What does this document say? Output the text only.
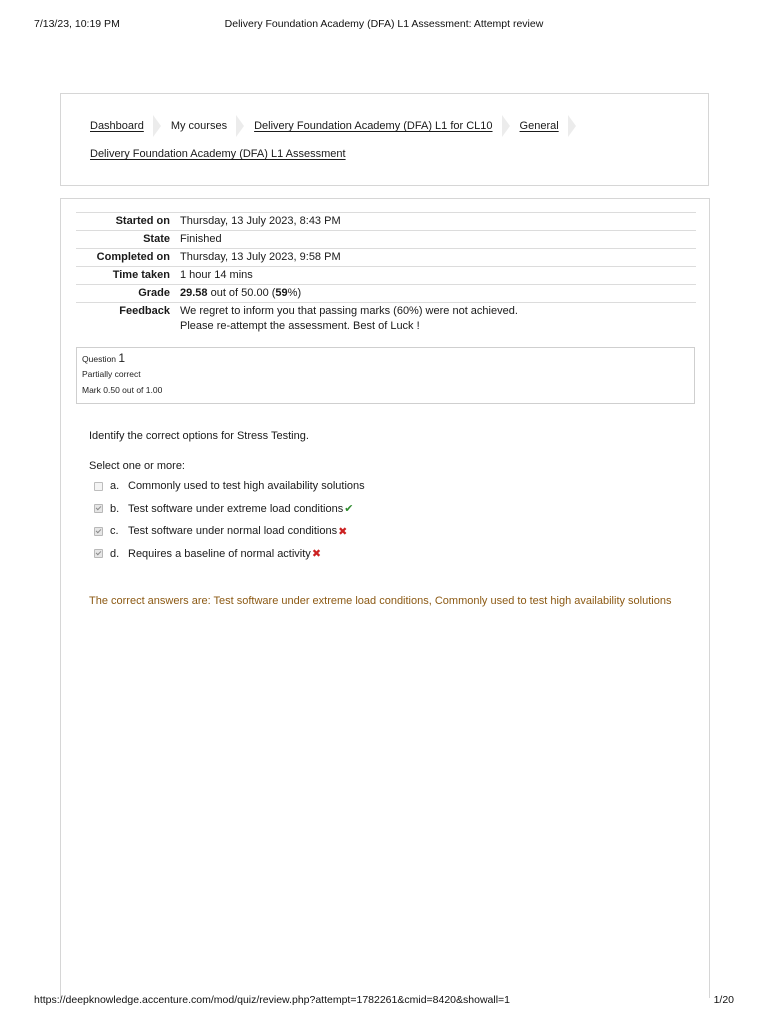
7/13/23, 10:19 PM	Delivery Foundation Academy (DFA) L1 Assessment: Attempt review
Dashboard My courses Delivery Foundation Academy (DFA) L1 for CL10 General
Delivery Foundation Academy (DFA) L1 Assessment
Started on	Thursday, 13 July 2023, 8:43 PM
State	Finished
Completed on	Thursday, 13 July 2023, 9:58 PM
Time taken	1 hour 14 mins
Grade	29.58 out of 50.00 (59%)
Feedback	We regret to inform you that passing marks (60%) were not achieved.
Please re-attempt the assessment. Best of Luck !
Question 1
Partially correct
Mark 0.50 out of 1.00
Identify the correct options for Stress Testing.
Select one or more:
a. Commonly used to test high availability solutions
b. Test software under extreme load conditions ✔
c. Test software under normal load conditions ✖
d. Requires a baseline of normal activity ✖
The correct answers are: Test software under extreme load conditions, Commonly used to test high availability solutions
https://deepknowledge.accenture.com/mod/quiz/review.php?attempt=1782261&cmid=8420&showall=1	1/20
